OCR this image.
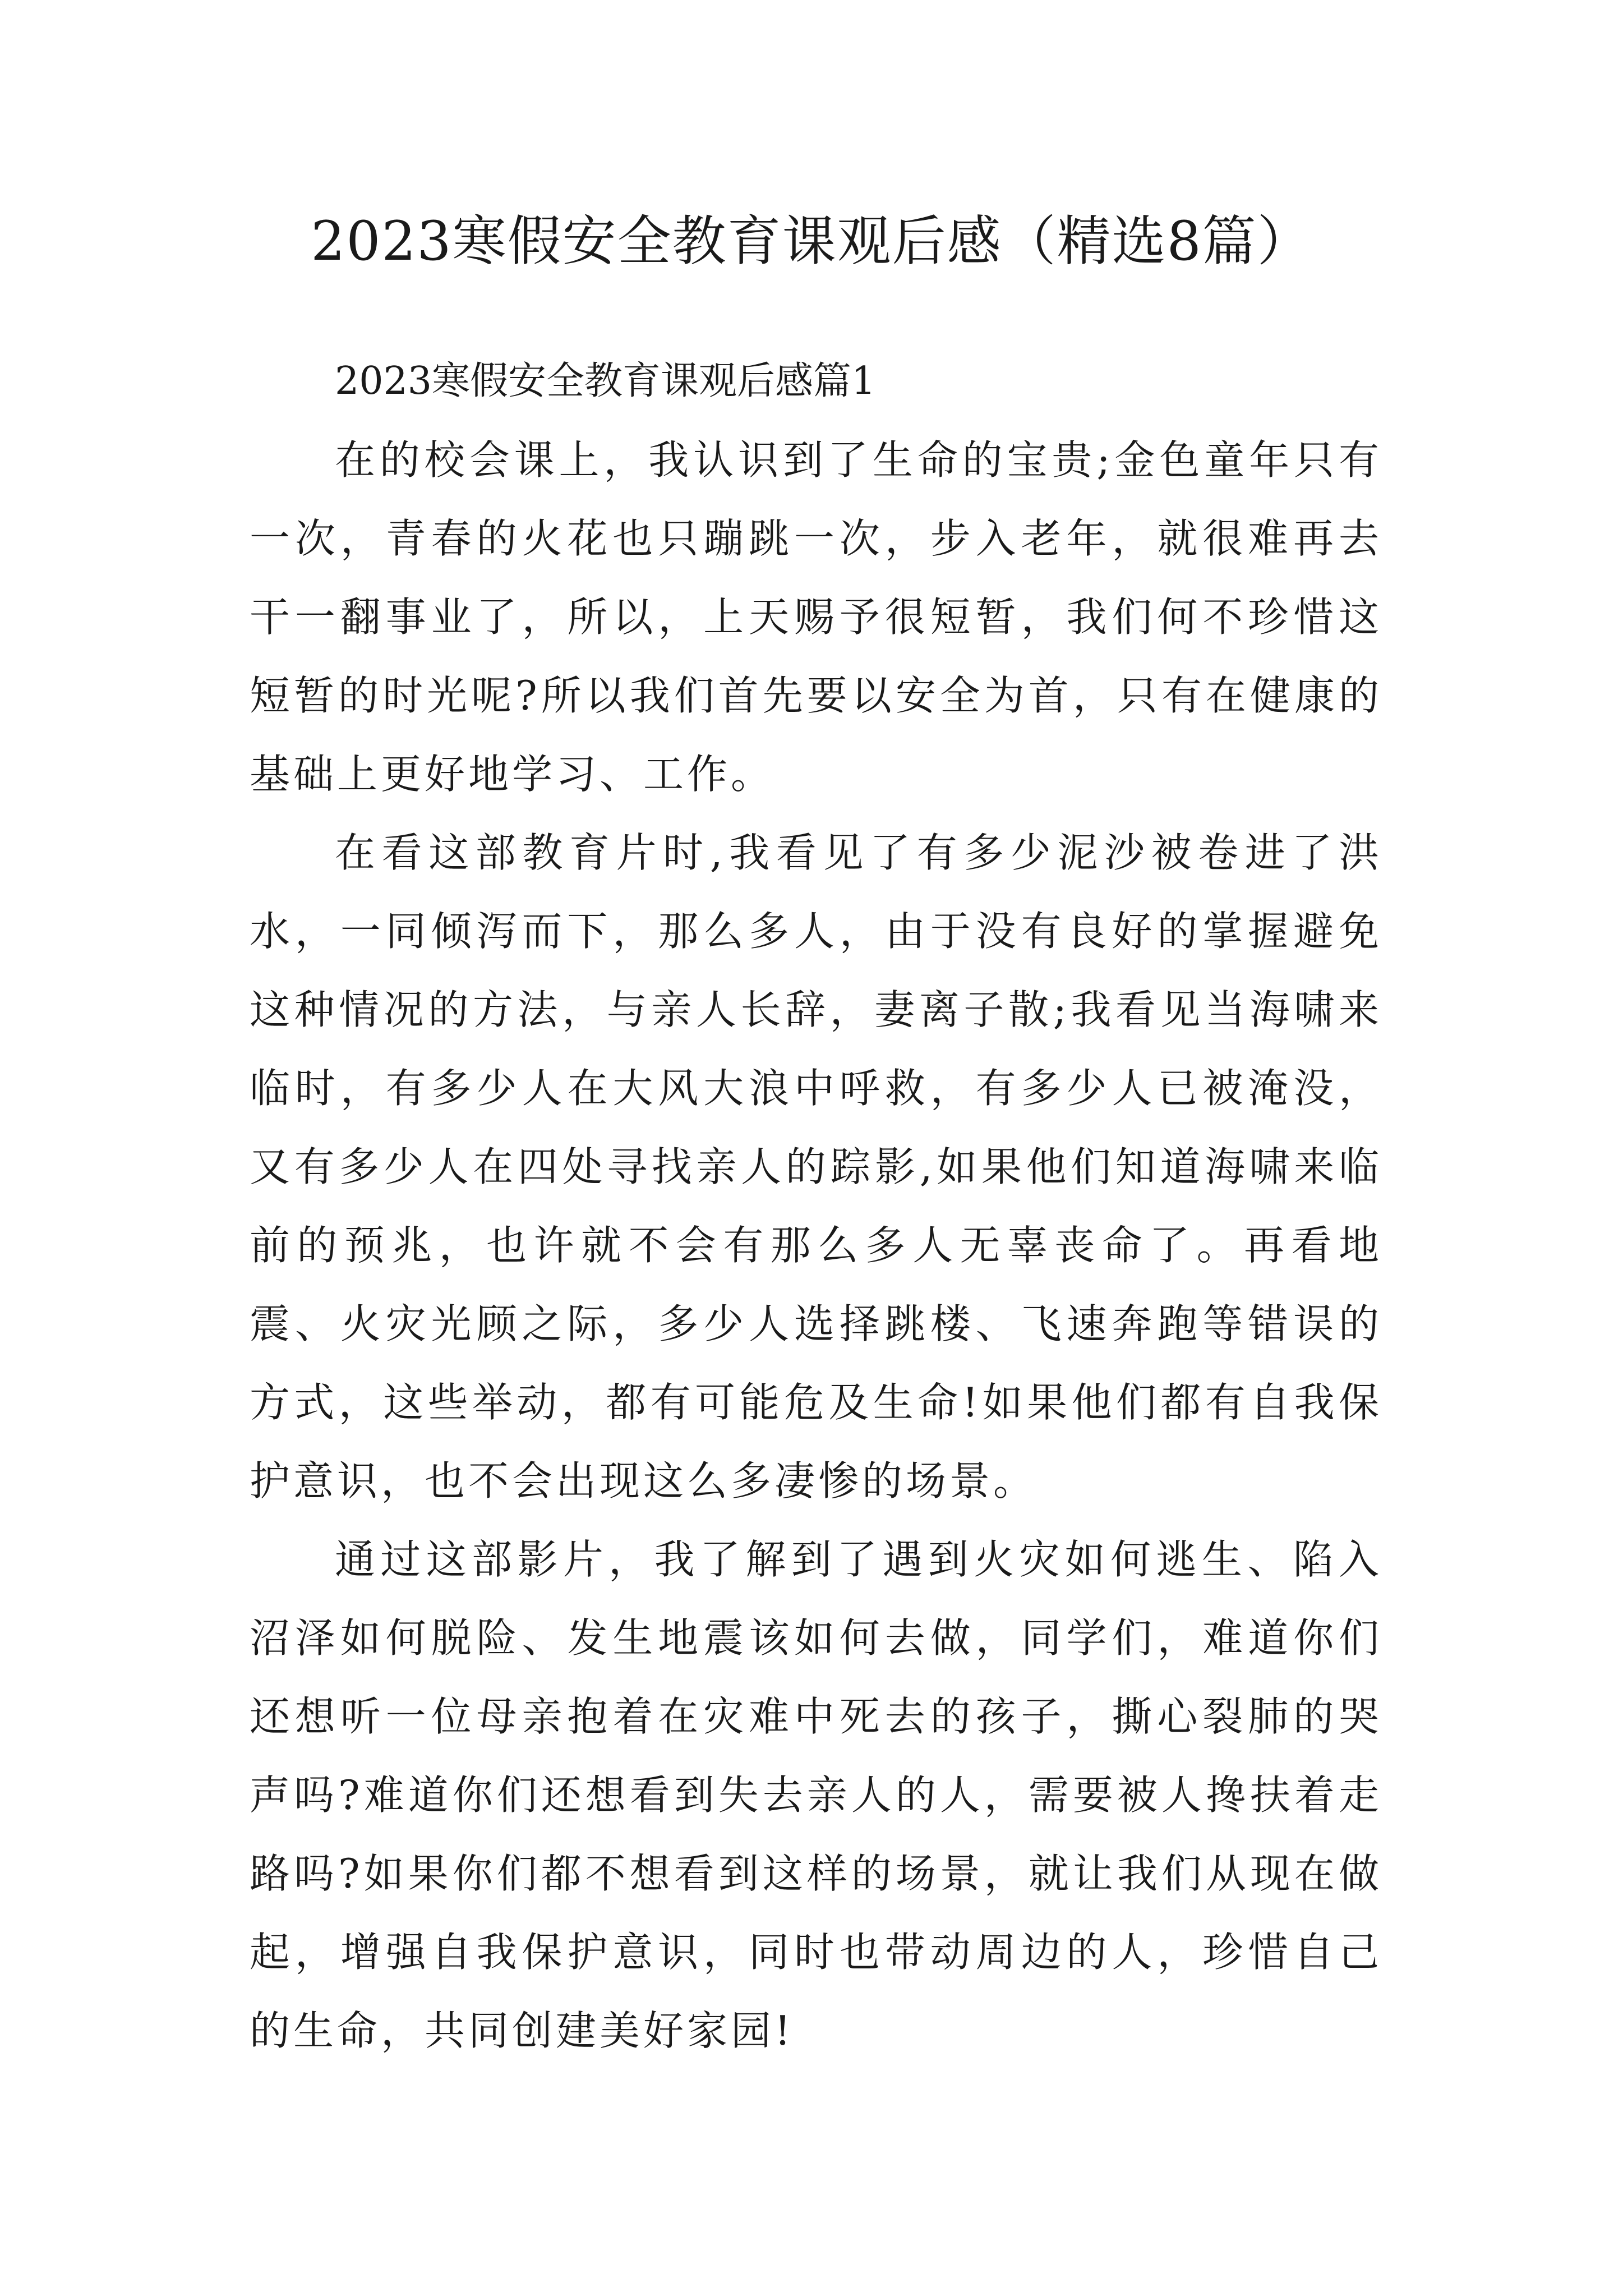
2023寒假安全教育课观后感（精选8篇）
2023寒假安全教育课观后感篇1

在的校会课上，我认识到了生命的宝贵;金色童年只有一次，青春的火花也只蹦跳一次，步入老年，就很难再去干一翻事业了，所以，上天赐予很短暂，我们何不珍惜这短暂的时光呢?所以我们首先要以安全为首，只有在健康的基础上更好地学习、工作。

在看这部教育片时,我看见了有多少泥沙被卷进了洪水，一同倾泻而下，那么多人，由于没有良好的掌握避免这种情况的方法，与亲人长辞，妻离子散;我看见当海啸来临时，有多少人在大风大浪中呼救，有多少人已被淹没，又有多少人在四处寻找亲人的踪影,如果他们知道海啸来临前的预兆，也许就不会有那么多人无辜丧命了。再看地震、火灾光顾之际，多少人选择跳楼、飞速奔跑等错误的方式，这些举动，都有可能危及生命!如果他们都有自我保护意识，也不会出现这么多凄惨的场景。

通过这部影片，我了解到了遇到火灾如何逃生、陷入沼泽如何脱险、发生地震该如何去做，同学们，难道你们还想听一位母亲抱着在灾难中死去的孩子，撕心裂肺的哭声吗?难道你们还想看到失去亲人的人，需要被人搀扶着走路吗?如果你们都不想看到这样的场景，就让我们从现在做起，增强自我保护意识，同时也带动周边的人，珍惜自己的生命，共同创建美好家园!
